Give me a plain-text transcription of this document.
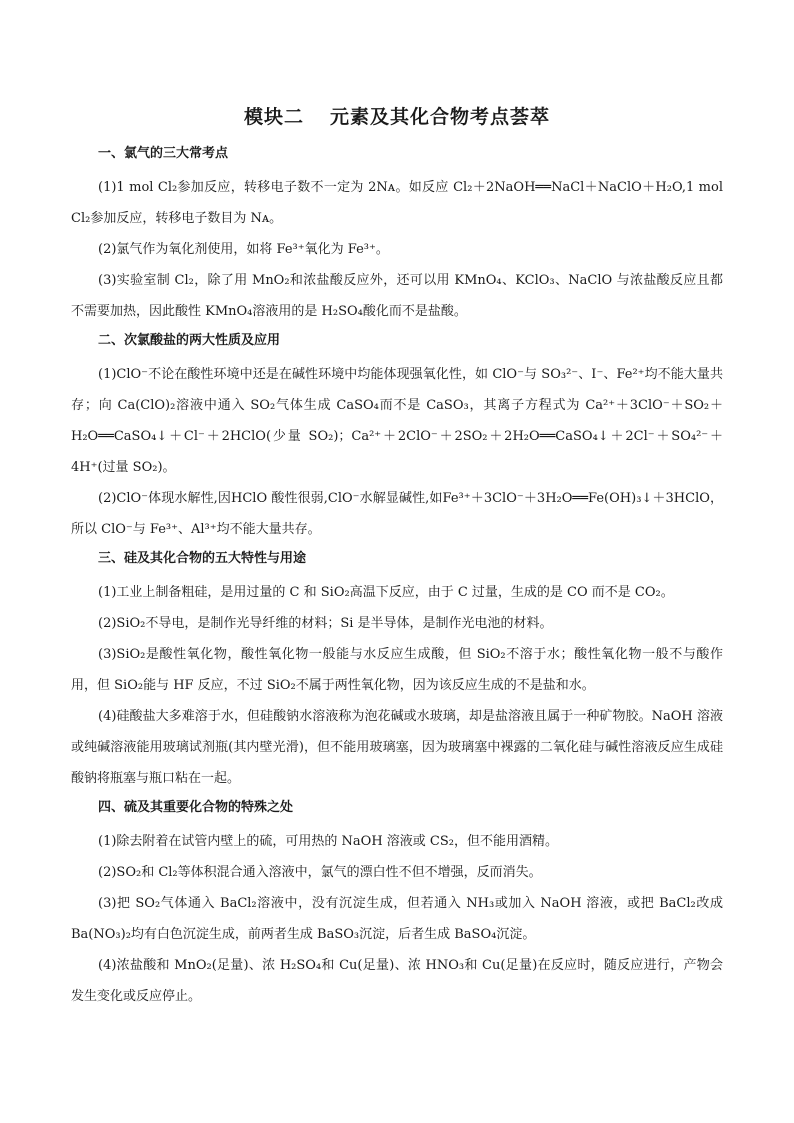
模块二 元素及其化合物考点荟萃
一、氯气的三大常考点

(1)1 mol Cl₂参加反应，转移电子数不一定为 2Nᴀ。如反应 Cl₂＋2NaOH══NaCl＋NaClO＋H₂O,1 mol Cl₂参加反应，转移电子数目为 Nᴀ。

(2)氯气作为氧化剂使用，如将 Fe³⁺氧化为 Fe³⁺。

(3)实验室制 Cl₂，除了用 MnO₂和浓盐酸反应外，还可以用 KMnO₄、KClO₃、NaClO 与浓盐酸反应且都不需要加热，因此酸性 KMnO₄溶液用的是 H₂SO₄酸化而不是盐酸。

二、次氯酸盐的两大性质及应用

(1)ClO⁻不论在酸性环境中还是在碱性环境中均能体现强氧化性，如 ClO⁻与 SO₃²⁻、I⁻、Fe²⁺均不能大量共存；向 Ca(ClO)₂溶液中通入 SO₂气体生成 CaSO₄而不是 CaSO₃，其离子方程式为 Ca²⁺＋3ClO⁻＋SO₂＋H₂O══CaSO₄↓＋Cl⁻＋2HClO(少量 SO₂)；Ca²⁺＋2ClO⁻＋2SO₂＋2H₂O══CaSO₄↓＋2Cl⁻＋SO₄²⁻＋4H⁺(过量 SO₂)。

(2)ClO⁻体现水解性,因HClO 酸性很弱,ClO⁻水解显碱性,如Fe³⁺＋3ClO⁻＋3H₂O══Fe(OH)₃↓＋3HClO，所以 ClO⁻与 Fe³⁺、Al³⁺均不能大量共存。

三、硅及其化合物的五大特性与用途

(1)工业上制备粗硅，是用过量的 C 和 SiO₂高温下反应，由于 C 过量，生成的是 CO 而不是 CO₂。

(2)SiO₂不导电，是制作光导纤维的材料；Si 是半导体，是制作光电池的材料。

(3)SiO₂是酸性氧化物，酸性氧化物一般能与水反应生成酸，但 SiO₂不溶于水；酸性氧化物一般不与酸作用，但 SiO₂能与 HF 反应，不过 SiO₂不属于两性氧化物，因为该反应生成的不是盐和水。

(4)硅酸盐大多难溶于水，但硅酸钠水溶液称为泡花碱或水玻璃，却是盐溶液且属于一种矿物胶。NaOH 溶液或纯碱溶液能用玻璃试剂瓶(其内壁光滑)，但不能用玻璃塞，因为玻璃塞中裸露的二氧化硅与碱性溶液反应生成硅酸钠将瓶塞与瓶口粘在一起。

四、硫及其重要化合物的特殊之处

(1)除去附着在试管内壁上的硫，可用热的 NaOH 溶液或 CS₂，但不能用酒精。

(2)SO₂和 Cl₂等体积混合通入溶液中，氯气的漂白性不但不增强，反而消失。

(3)把 SO₂气体通入 BaCl₂溶液中，没有沉淀生成，但若通入 NH₃或加入 NaOH 溶液，或把 BaCl₂改成 Ba(NO₃)₂均有白色沉淀生成，前两者生成 BaSO₃沉淀，后者生成 BaSO₄沉淀。

(4)浓盐酸和 MnO₂(足量)、浓 H₂SO₄和 Cu(足量)、浓 HNO₃和 Cu(足量)在反应时，随反应进行，产物会发生变化或反应停止。
